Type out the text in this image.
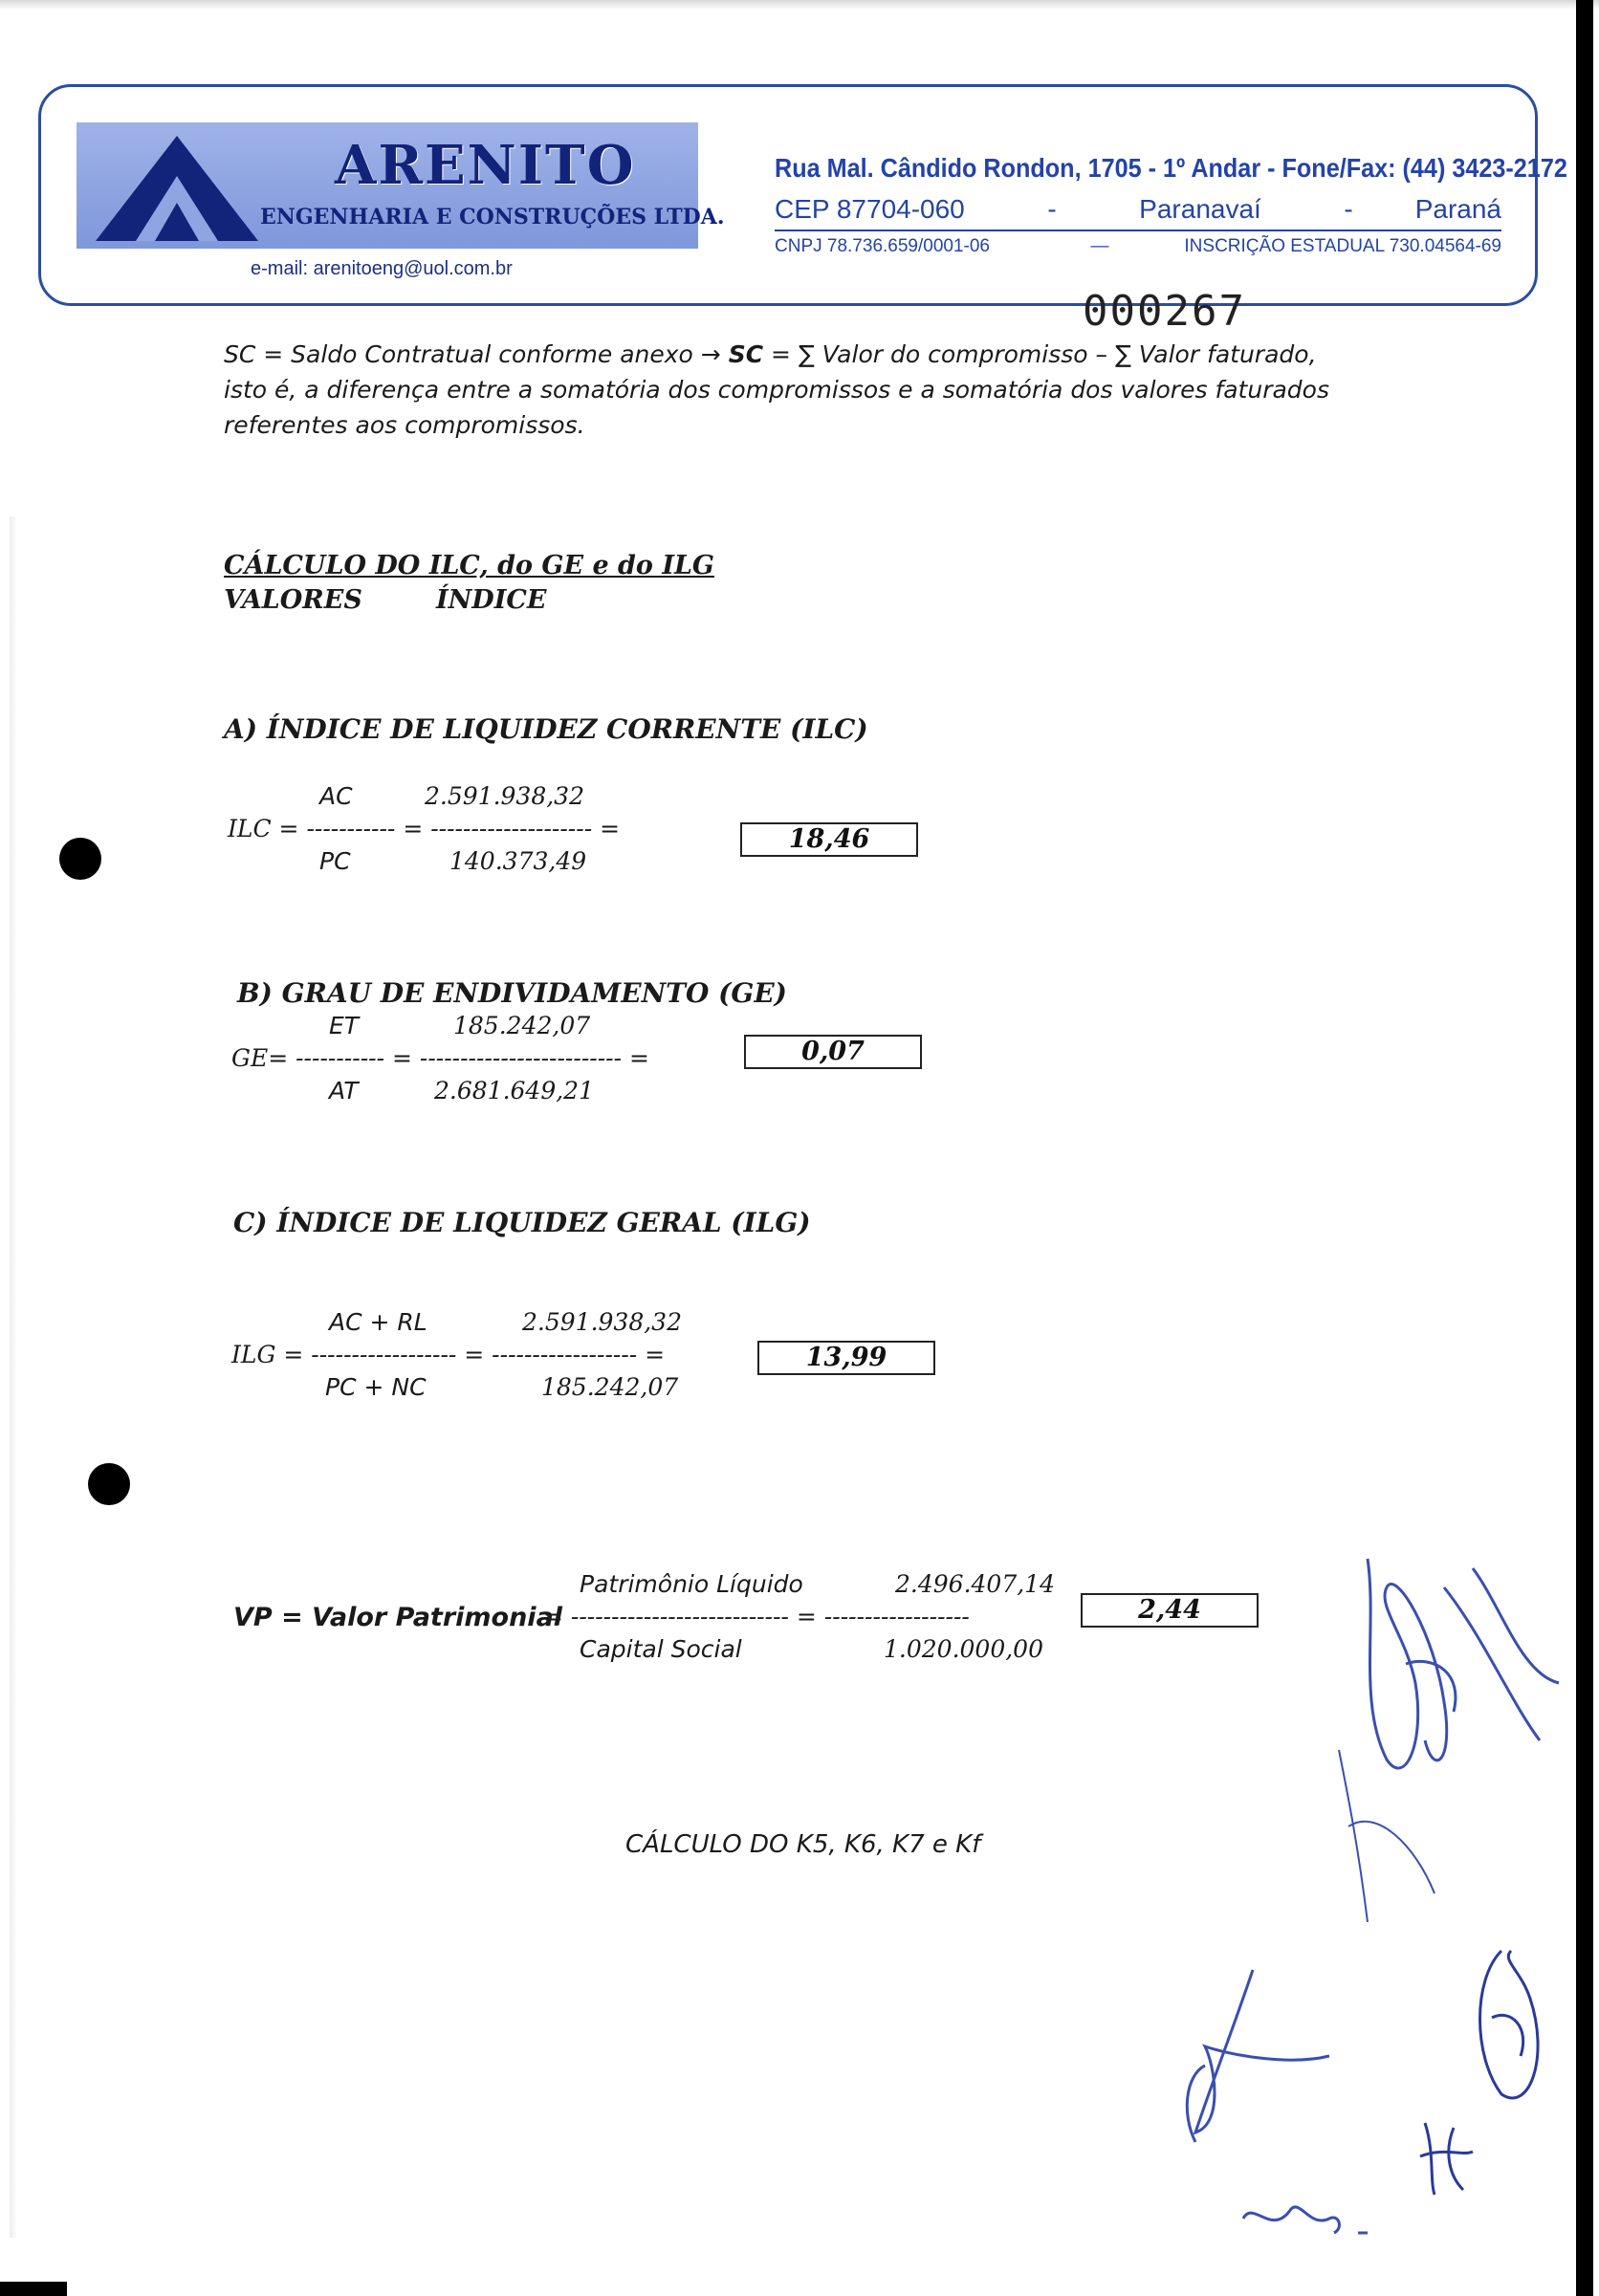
ARENITO
ENGENHARIA E CONSTRUÇÕES LTDA.
e-mail: arenitoeng@uol.com.br
Rua Mal. Cândido Rondon, 1705 - 1º Andar - Fone/Fax: (44) 3423-2172
CEP 87704-060	-	Paranavaí	-	Paraná
CNPJ 78.736.659/0001-06	—	INSCRIÇÃO ESTADUAL 730.04564-69
000267
SC = Saldo Contratual conforme anexo → SC = ∑ Valor do compromisso – ∑ Valor faturado,
isto é, a diferença entre a somatória dos compromissos e a somatória dos valores faturados
referentes aos compromissos.
CÁLCULO DO ILC, do GE e do ILG
VALORES	ÍNDICE
A) ÍNDICE DE LIQUIDEZ CORRENTE (ILC)
AC	2.591.938,32
ILC = ----------- = -------------------- =
PC	140.373,49
18,46
B) GRAU DE ENDIVIDAMENTO (GE)
ET	185.242,07
GE= ----------- = ------------------------- =
AT	2.681.649,21
0,07
C) ÍNDICE DE LIQUIDEZ GERAL (ILG)
AC + RL	2.591.938,32
ILG = ------------------ = ------------------ =
PC + NC	185.242,07
13,99
Patrimônio Líquido	2.496.407,14
VP = Valor Patrimonial
= --------------------------- = ------------------
Capital Social	1.020.000,00
2,44
CÁLCULO DO K5, K6, K7 e Kf
